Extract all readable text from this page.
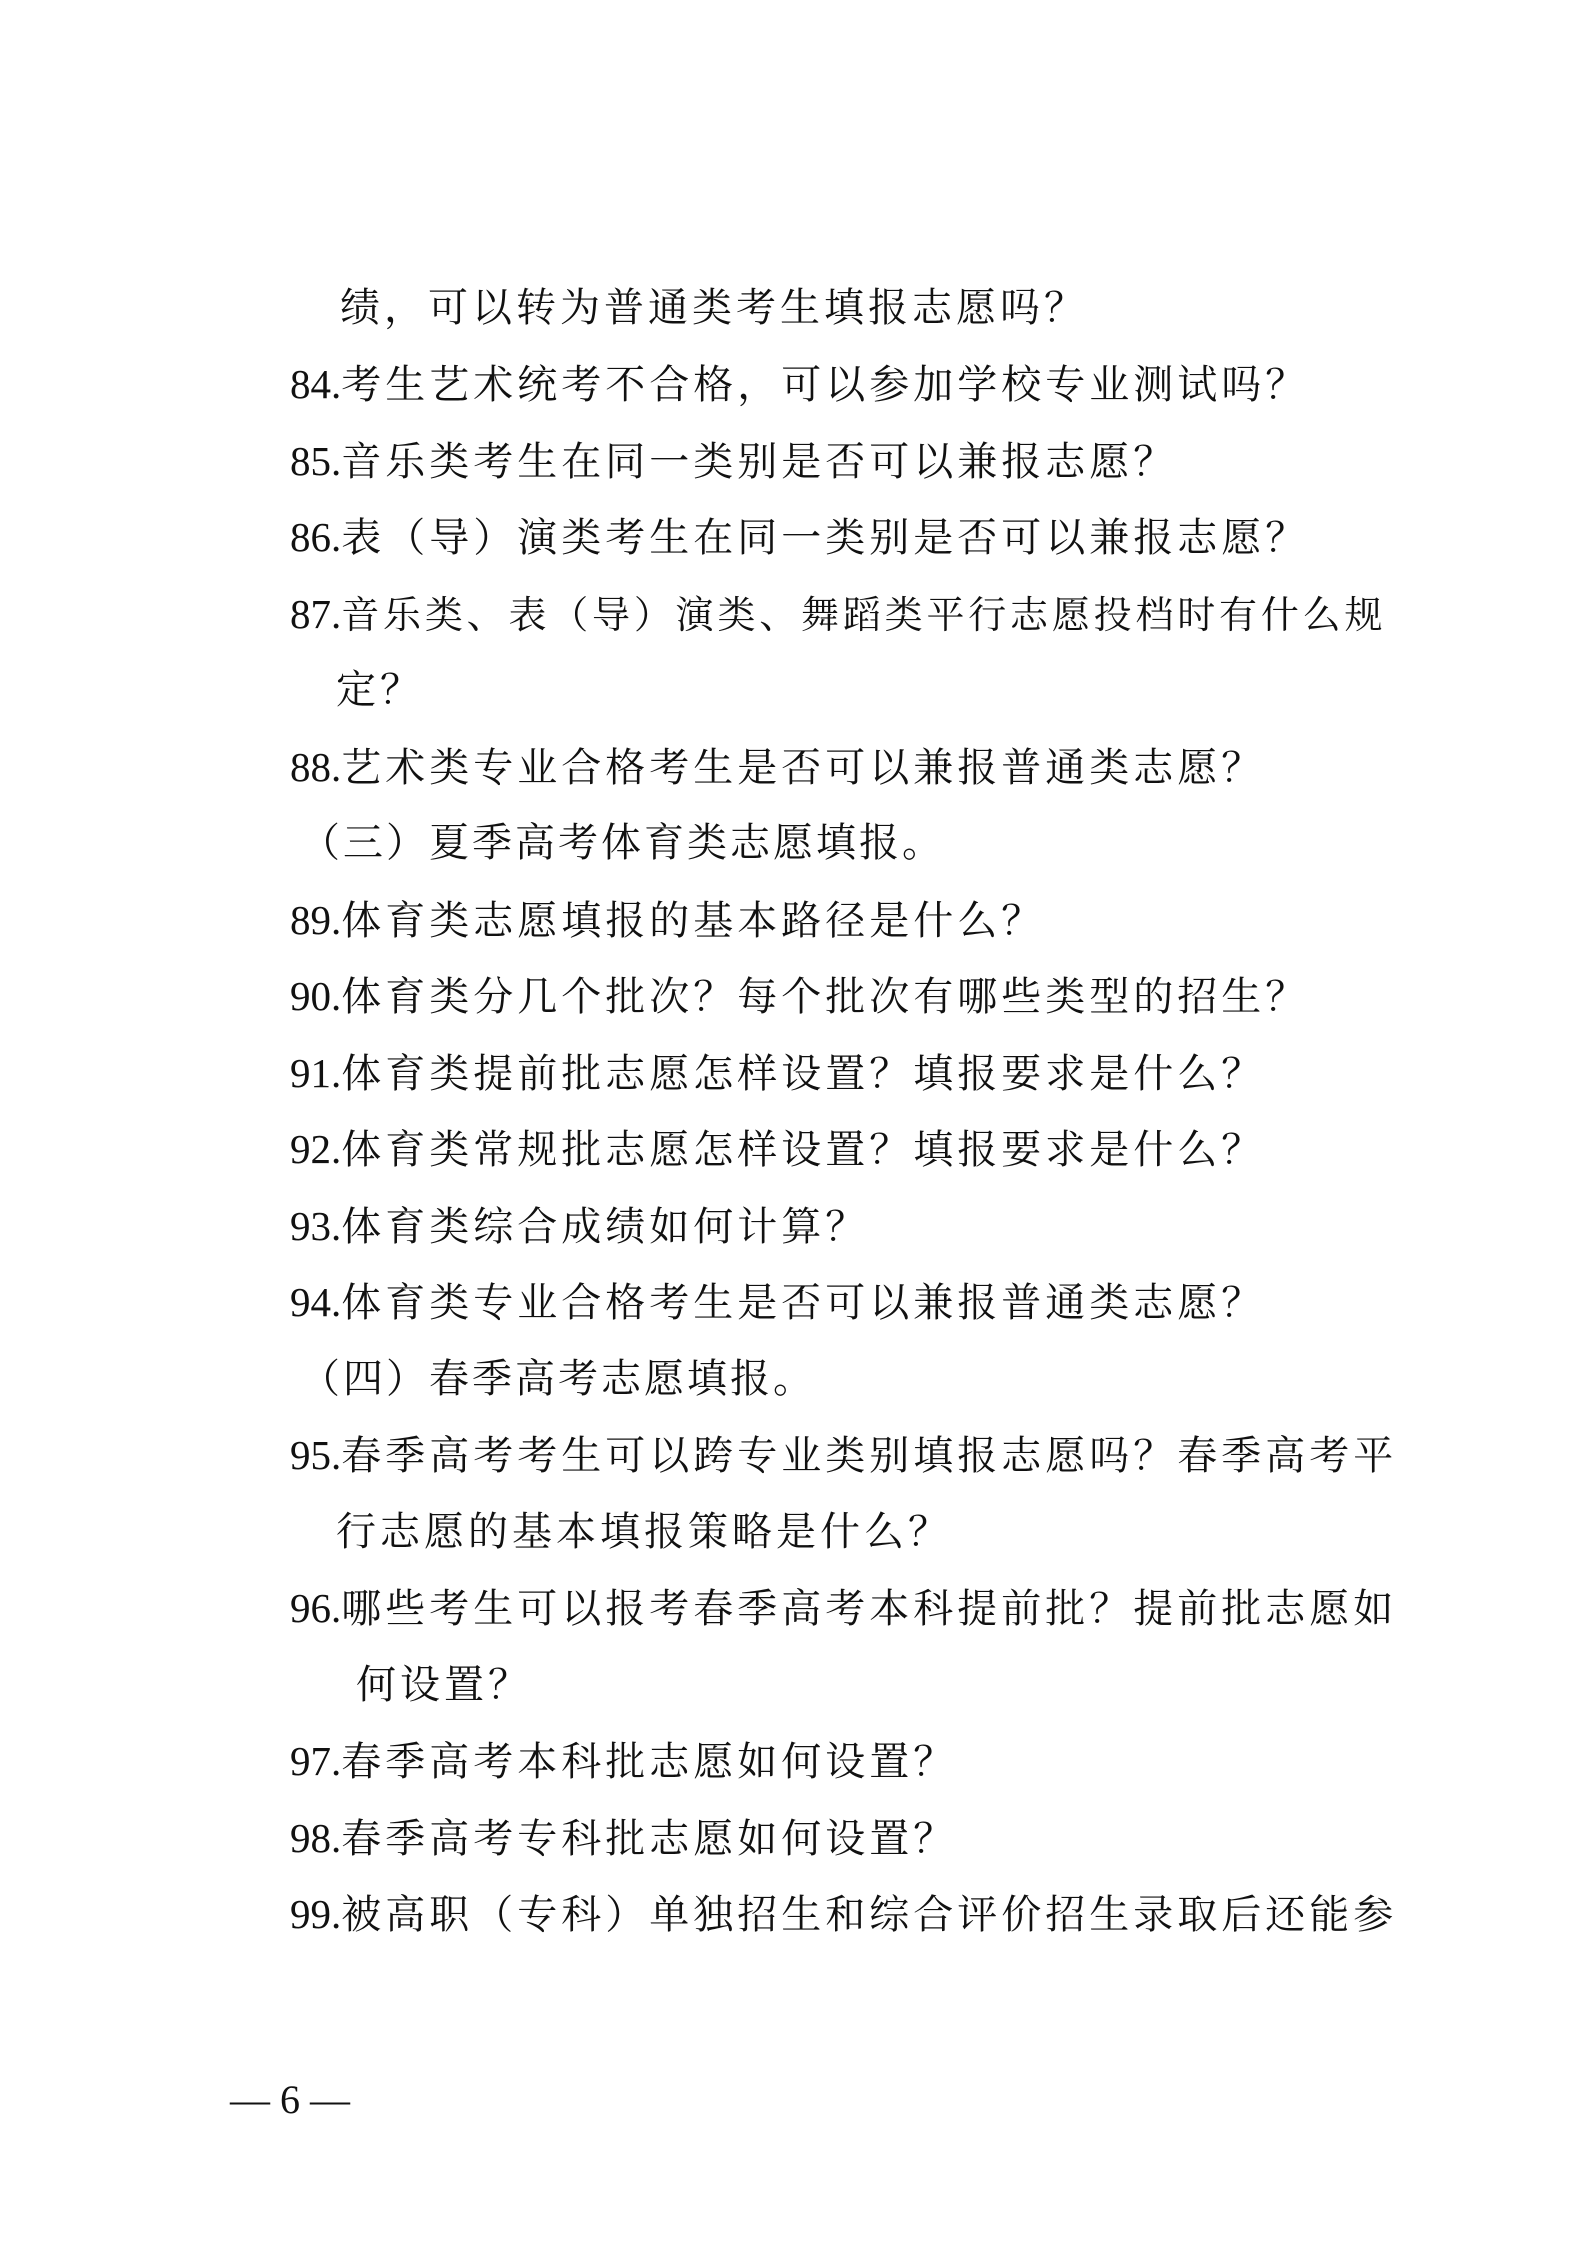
绩，可以转为普通类考生填报志愿吗？
84.考生艺术统考不合格，可以参加学校专业测试吗？
85.音乐类考生在同一类别是否可以兼报志愿？
86.表（导）演类考生在同一类别是否可以兼报志愿？
87.音乐类、表（导）演类、舞蹈类平行志愿投档时有什么规
定？
88.艺术类专业合格考生是否可以兼报普通类志愿？
（三）夏季高考体育类志愿填报。
89.体育类志愿填报的基本路径是什么？
90.体育类分几个批次？每个批次有哪些类型的招生？
91.体育类提前批志愿怎样设置？填报要求是什么？
92.体育类常规批志愿怎样设置？填报要求是什么？
93.体育类综合成绩如何计算？
94.体育类专业合格考生是否可以兼报普通类志愿？
（四）春季高考志愿填报。
95.春季高考考生可以跨专业类别填报志愿吗？春季高考平
行志愿的基本填报策略是什么？
96.哪些考生可以报考春季高考本科提前批？提前批志愿如
何设置？
97.春季高考本科批志愿如何设置？
98.春季高考专科批志愿如何设置？
99.被高职（专科）单独招生和综合评价招生录取后还能参
— 6 —
